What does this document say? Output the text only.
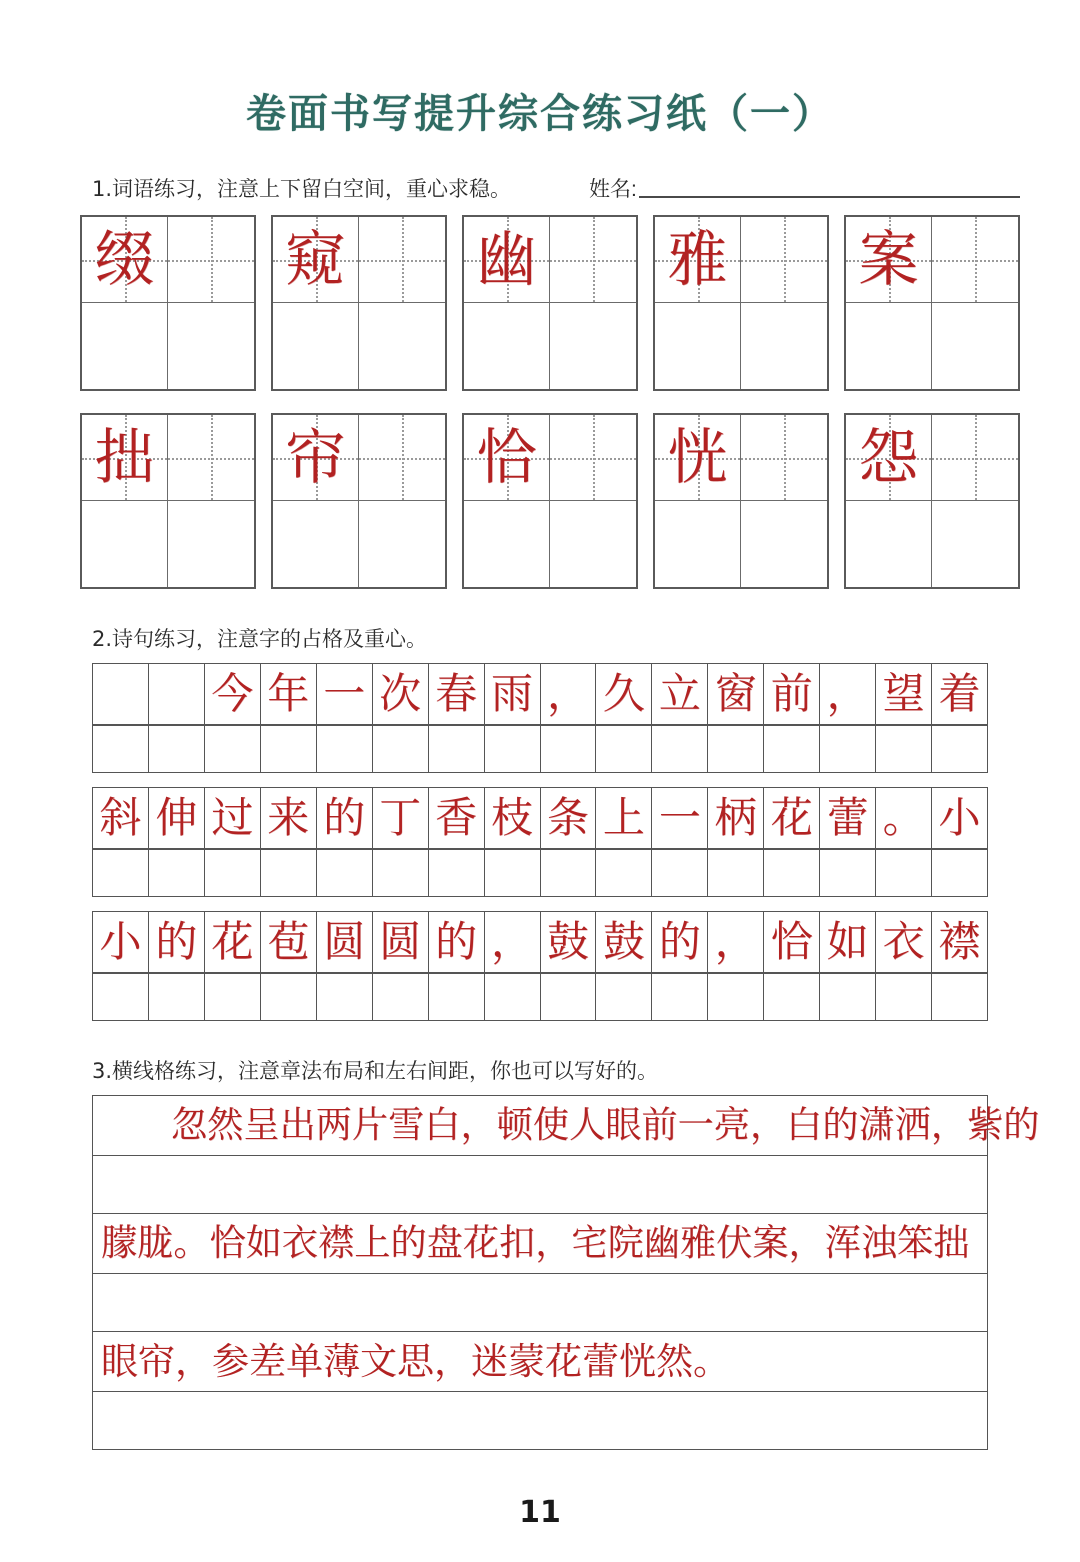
卷面书写提升综合练习纸（一）
1.词语练习，注意上下留白空间，重心求稳。	姓名:
缀 窥 幽 雅 案
拙 帘 恰 恍 怨
2.诗句练习，注意字的占格及重心。
今 年 一 次 春 雨 ， 久 立 窗 前 ， 望 着
斜 伸 过 来 的 丁 香 枝 条 上 一 柄 花 蕾 。 小
小 的 花 苞 圆 圆 的 ， 鼓 鼓 的 ， 恰 如 衣 襟
3.横线格练习，注意章法布局和左右间距，你也可以写好的。
忽然呈出两片雪白，顿使人眼前一亮，白的潇洒，紫的
朦胧。恰如衣襟上的盘花扣，宅院幽雅伏案，浑浊笨拙
眼帘，参差单薄文思，迷蒙花蕾恍然。
11
